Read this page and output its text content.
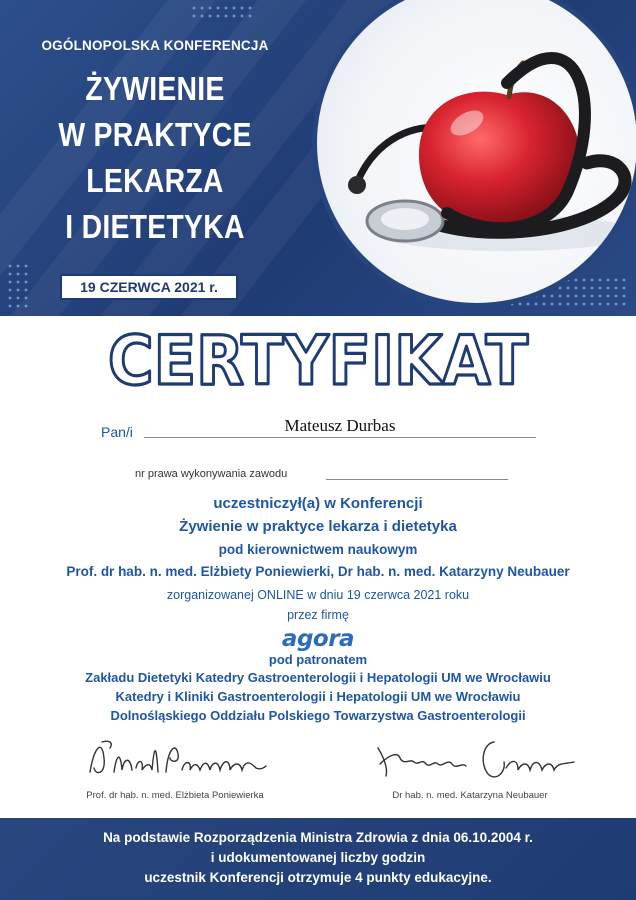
OGÓLNOPOLSKA KONFERENCJA
ŻYWIENIE
W PRAKTYCE
LEKARZA
I DIETETYKA
19 CZERWCA 2021 r.
CERTYFIKAT
Pan/i	Mateusz Durbas
nr prawa wykonywania zawodu
uczestniczył(a) w Konferencji
Żywienie w praktyce lekarza i dietetyka
pod kierownictwem naukowym
Prof. dr hab. n. med. Elżbiety Poniewierki, Dr hab. n. med. Katarzyny Neubauer
zorganizowanej ONLINE w dniu 19 czerwca 2021 roku
przez firmę
agora
pod patronatem
Zakładu Dietetyki Katedry Gastroenterologii i Hepatologii UM we Wrocławiu
Katedry i Kliniki Gastroenterologii i Hepatologii UM we Wrocławiu
Dolnośląskiego Oddziału Polskiego Towarzystwa Gastroenterologii
Prof. dr hab. n. med. Elżbieta Poniewierka	Dr hab. n. med. Katarzyna Neubauer
Na podstawie Rozporządzenia Ministra Zdrowia z dnia 06.10.2004 r.
i udokumentowanej liczby godzin
uczestnik Konferencji otrzymuje 4 punkty edukacyjne.
